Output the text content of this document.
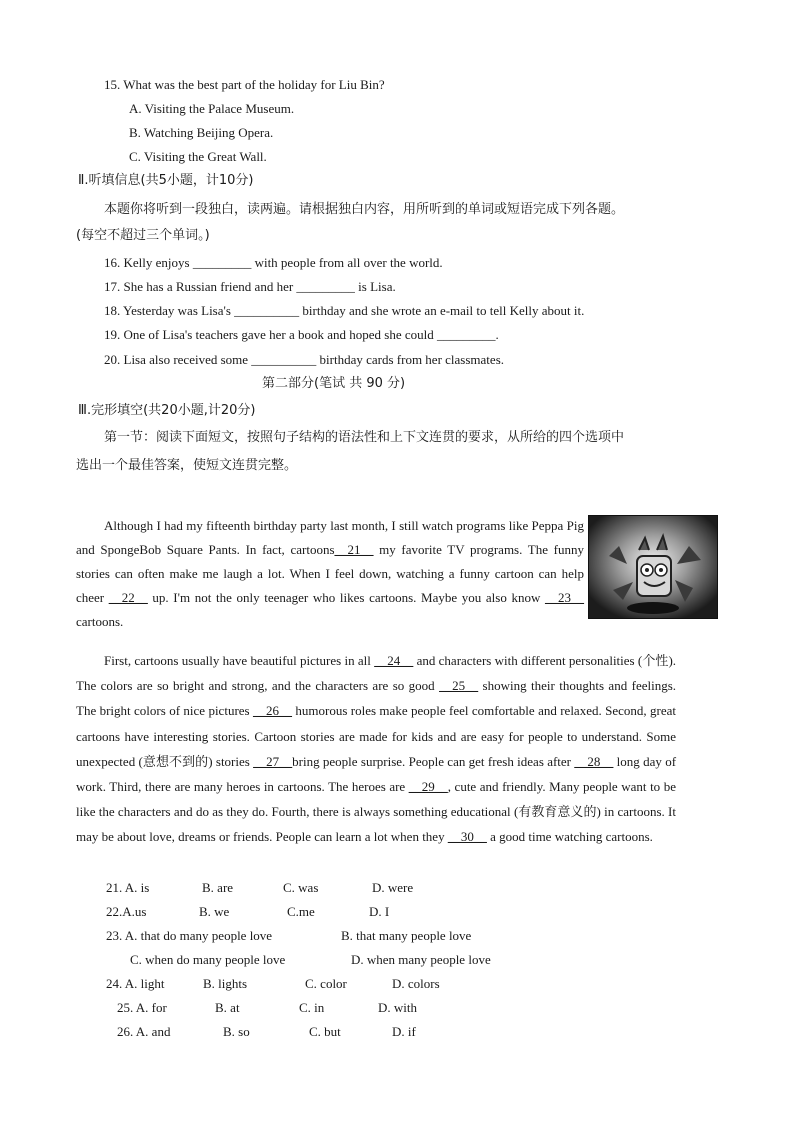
15. What was the best part of the holiday for Liu Bin?
A. Visiting the Palace Museum.
B. Watching Beijing Opera.
C. Visiting the Great Wall.
Ⅱ.听填信息(共5小题，计10分)
本题你将听到一段独白，读两遍。请根据独白内容，用所听到的单词或短语完成下列各题。
(每空不超过三个单词。)
16. Kelly enjoys _________ with people from all over the world.
17. She has a Russian friend and her _________ is Lisa.
18. Yesterday was Lisa's __________ birthday and she wrote an e-mail to tell Kelly about it.
19. One of Lisa's teachers gave her a book and hoped she could _________.
20. Lisa also received some __________ birthday cards from her classmates.
第二部分(笔试 共 90 分)
Ⅲ.完形填空(共20小题,计20分)
第一节：阅读下面短文，按照句子结构的语法性和上下文连贯的要求，从所给的四个选项中
选出一个最佳答案，使短文连贯完整。

Although I had my fifteenth birthday party last month, I still watch programs like Peppa Pig and SpongeBob Square Pants. In fact, cartoons__21__ my favorite TV programs. The funny stories can often make me laugh a lot. When I feel down, watching a funny cartoon can help cheer __22__ up. I'm not the only teenager who likes cartoons. Maybe you also know __23__ cartoons.

First, cartoons usually have beautiful pictures in all __24__ and characters with different personalities (个性). The colors are so bright and strong, and the characters are so good __25__ showing their thoughts and feelings. The bright colors of nice pictures __26__ humorous roles make people feel comfortable and relaxed. Second, great cartoons have interesting stories. Cartoon stories are made for kids and are easy for people to understand. Some unexpected (意想不到的) stories __27__bring people surprise. People can get fresh ideas after __28__ long day of work. Third, there are many heroes in cartoons. The heroes are __29__, cute and friendly. Many people want to be like the characters and do as they do. Fourth, there is always something educational (有教育意义的) in cartoons. It may be about love, dreams or friends. People can learn a lot when they __30__ a good time watching cartoons.

21. A. is	B. are	C. was	D. were
22.A.us	B. we	C.me	D. I
23. A. that do many people love	B. that many people love
C. when do many people love	D. when many people love
24. A. light	B. lights	C. color	D. colors
25. A. for	B. at	C. in	D. with
26. A. and	B. so	C. but	D. if
